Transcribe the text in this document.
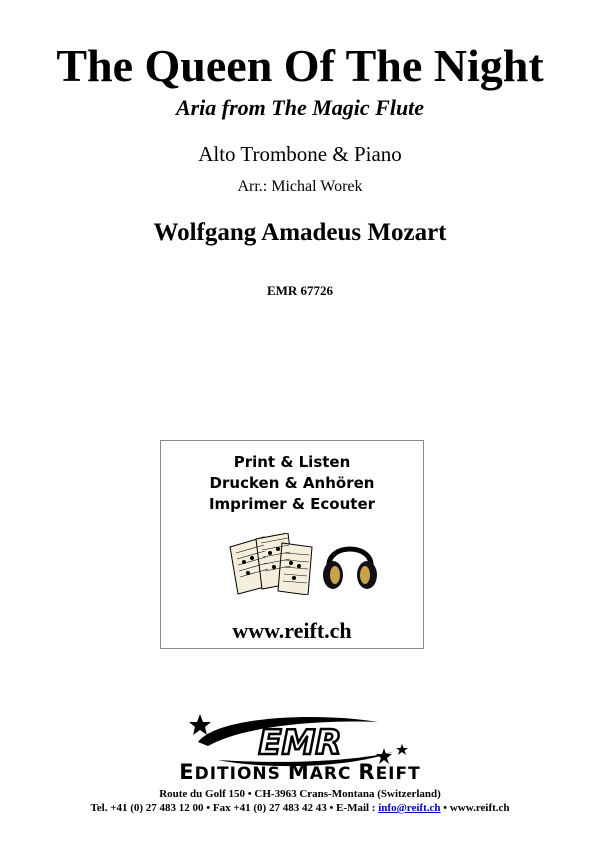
The Queen Of The Night
Aria from The Magic Flute
Alto Trombone & Piano
Arr.: Michal Worek
Wolfgang Amadeus Mozart
EMR 67726
Print & Listen
Drucken & Anhören
Imprimer & Ecouter
www.reift.ch
EMR
EDITIONS MARC REIFT
Route du Golf 150 • CH-3963 Crans-Montana (Switzerland)
Tel. +41 (0) 27 483 12 00 • Fax +41 (0) 27 483 42 43 • E-Mail : info@reift.ch • www.reift.ch
